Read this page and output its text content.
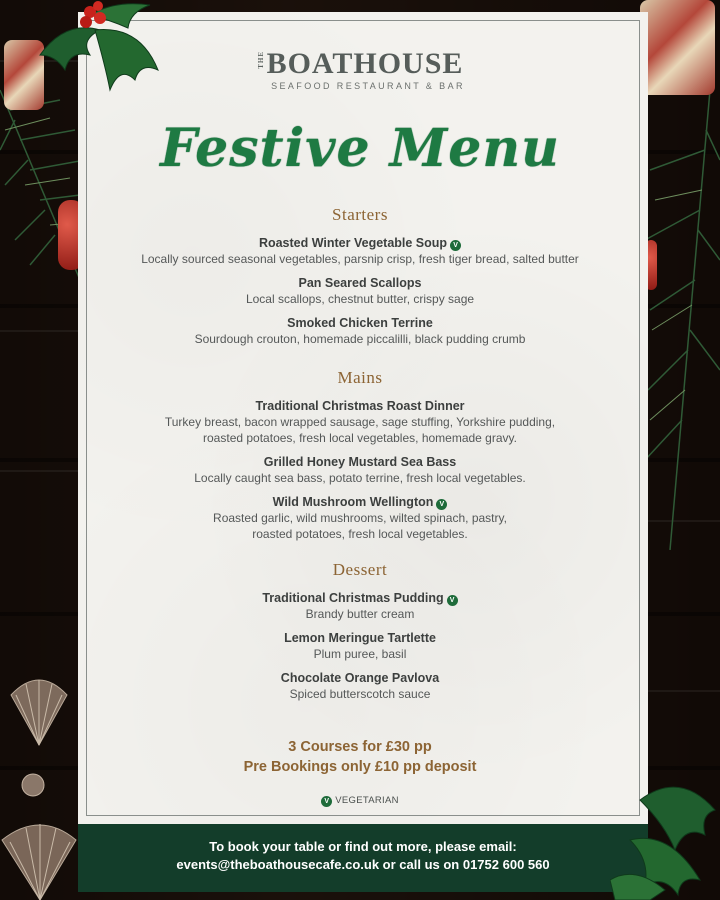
THEBOATHOUSE
SEAFOOD RESTAURANT & BAR
Festive Menu
Starters
Roasted Winter Vegetable Soup V
Locally sourced seasonal vegetables, parsnip crisp, fresh tiger bread, salted butter
Pan Seared Scallops
Local scallops, chestnut butter, crispy sage
Smoked Chicken Terrine
Sourdough crouton, homemade piccalilli, black pudding crumb
Mains
Traditional Christmas Roast Dinner
Turkey breast, bacon wrapped sausage, sage stuffing, Yorkshire pudding,
roasted potatoes, fresh local vegetables, homemade gravy.
Grilled Honey Mustard Sea Bass
Locally caught sea bass, potato terrine, fresh local vegetables.
Wild Mushroom Wellington V
Roasted garlic, wild mushrooms, wilted spinach, pastry,
roasted potatoes, fresh local vegetables.
Dessert
Traditional Christmas Pudding V
Brandy butter cream
Lemon Meringue Tartlette
Plum puree, basil
Chocolate Orange Pavlova
Spiced butterscotch sauce
3 Courses for £30 pp
Pre Bookings only £10 pp deposit
V VEGETARIAN
To book your table or find out more, please email:
events@theboathousecafe.co.uk or call us on 01752 600 560
